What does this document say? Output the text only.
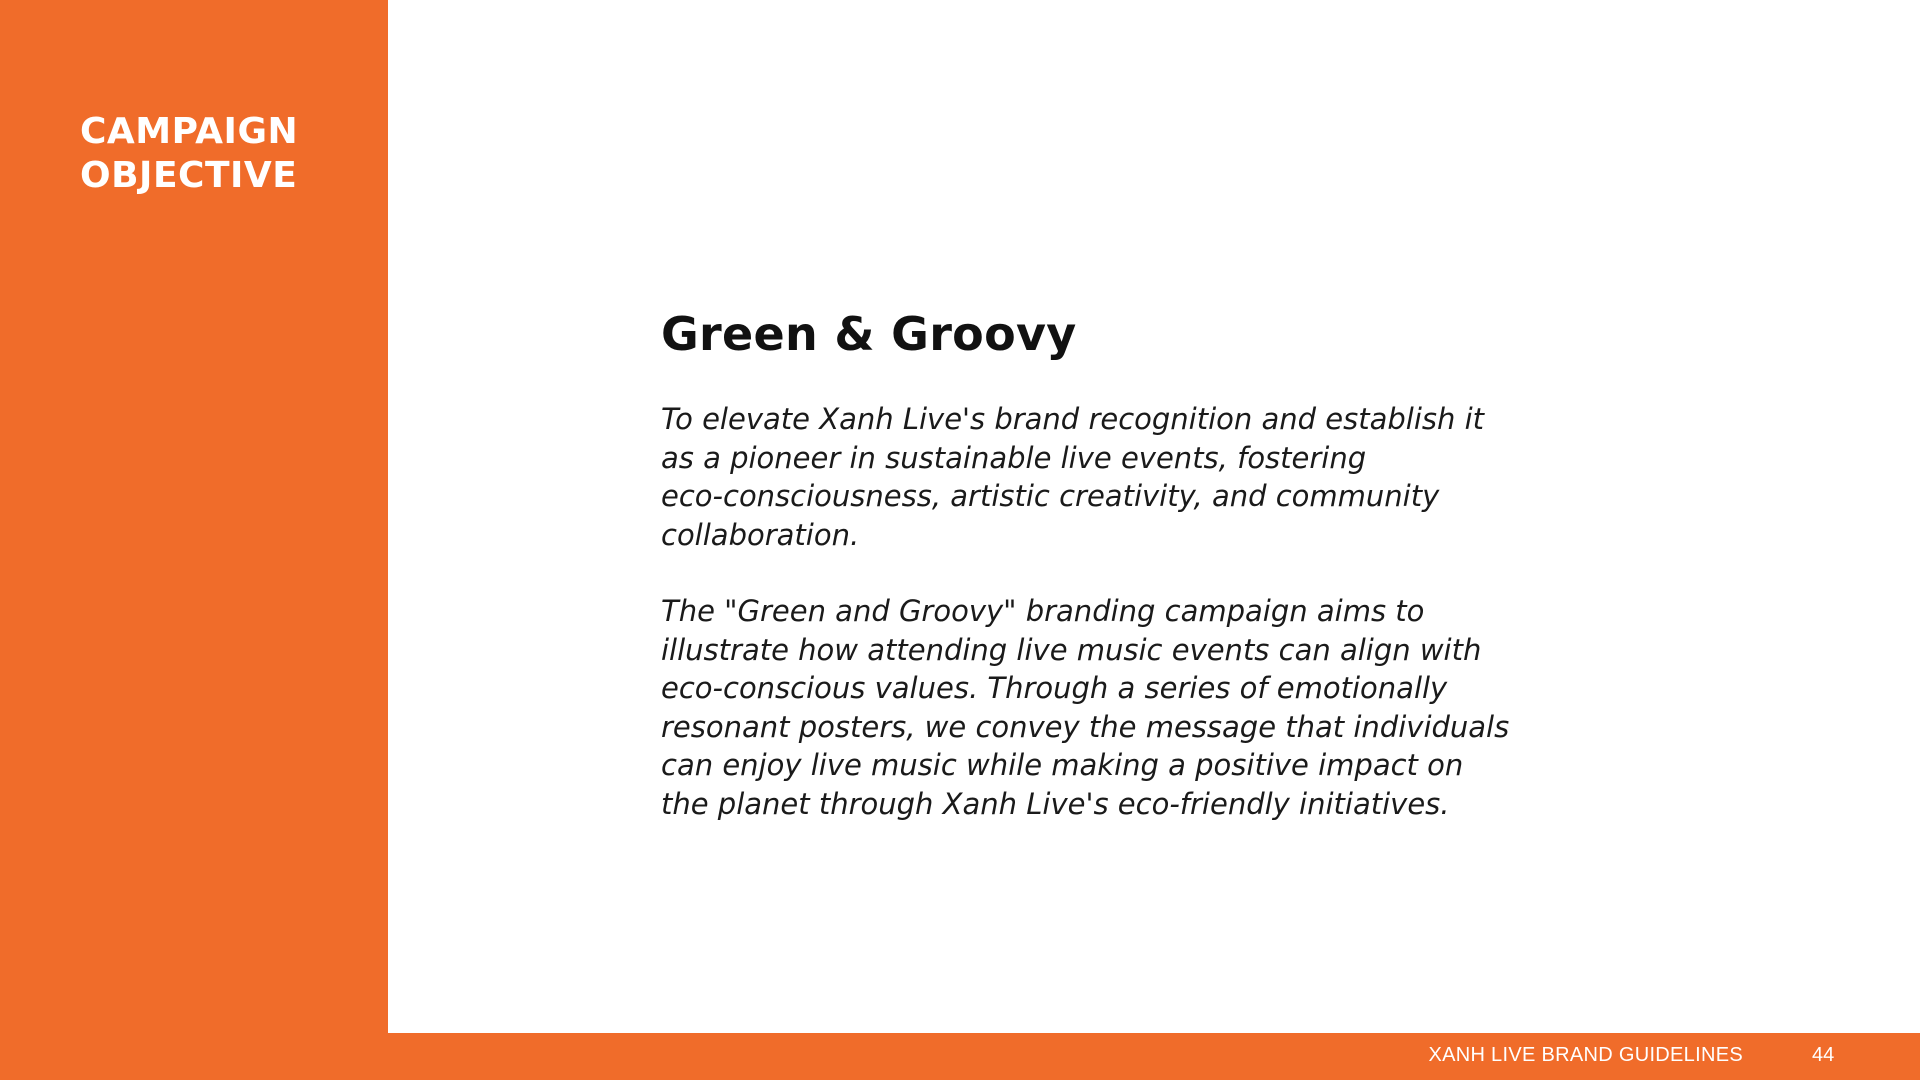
CAMPAIGN
OBJECTIVE
Green & Groovy

To elevate Xanh Live's brand recognition and establish it
as a pioneer in sustainable live events, fostering
eco-consciousness, artistic creativity, and community
collaboration.

The "Green and Groovy" branding campaign aims to
illustrate how attending live music events can align with
eco-conscious values. Through a series of emotionally
resonant posters, we convey the message that individuals
can enjoy live music while making a positive impact on
the planet through Xanh Live's eco-friendly initiatives.

XANH LIVE BRAND GUIDELINES	44
